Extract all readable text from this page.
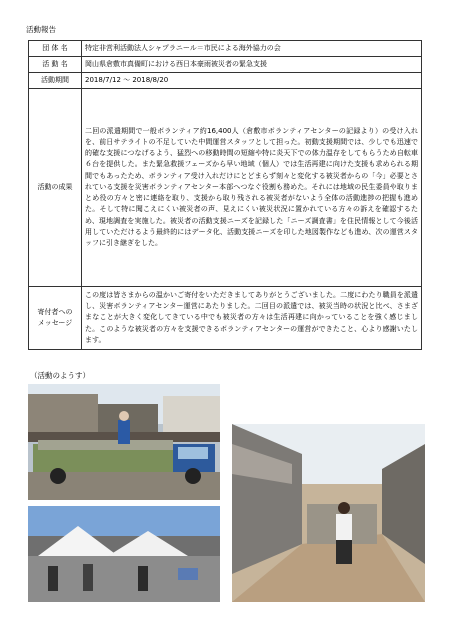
活動報告
団 体 名	特定非営利活動法人シャプラニール＝市民による海外協力の会
活 動 名	岡山県倉敷市真備町における西日本豪雨被災者の緊急支援
活動期間	2018/7/12 ～ 2018/8/20
活動の成果	二回の派遣期間で一般ボランティア約16,400人（倉敷市ボランティアセンターの記録より）の受け入れを、前日サテライトの不足していた中間運営スタッフとして担った。初動支援期間では、少しでも迅速で的確な支援につなげるよう、猛烈への移動時間の短縮や特に炎天下での体力温存をしてもらうため自転車６台を提供した。また緊急救援フェーズから早い地域（個人）では生活再建に向けた支援も求められる期間でもあったため、ボランティア受け入れだけにとどまらず刻々と変化する被災者からの「今」必要とされている支援を災害ボランティアセンター本部へつなぐ役割も務めた。それには地域の民生委員や取りまとめ役の方々と密に連絡を取り、支援から取り残される被災者がないよう全体の活動進捗の把握も進めた。そして特に聞こえにくい被災者の声、見えにくい被災状況に置かれている方々の訴えを確認するため、現地調査を実施した。被災者の活動支援ニーズを記録した「ニーズ調査書」を住民情報として今後活用していただけるよう最終的にはデータ化、活動支援ニーズを印した地図製作なども進め、次の運営スタッフに引き継ぎをした。
寄付者への
メッセージ	この度は皆さまからの温かいご寄付をいただきましてありがとうございました。二度にわたり職員を派遣し、災害ボランティアセンター運営にあたりました。二回目の派遣では、被災当時の状況と比べ、さまざまなことが大きく変化してきている中でも被災者の方々は生活再建に向かっていることを強く感じました。このような被災者の方々を支援できるボランティアセンターの運営ができたこと、心より感謝いたします。
（活動のようす）
